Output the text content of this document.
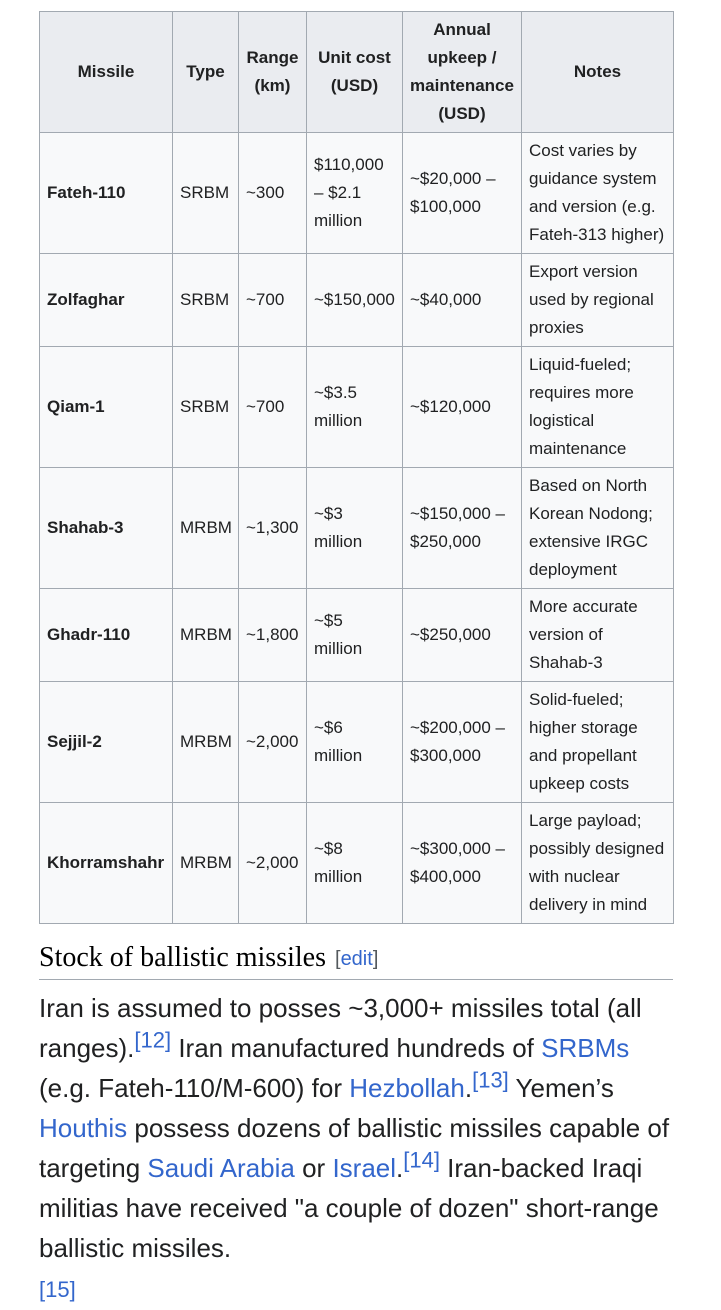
Missile	Type	Range (km)	Unit cost (USD)	Annual upkeep / maintenance (USD)	Notes
Fateh-110	SRBM	~300	$110,000 – $2.1 million	~$20,000 – $100,000	Cost varies by guidance system and version (e.g. Fateh-313 higher)
Zolfaghar	SRBM	~700	~$150,000	~$40,000	Export version used by regional proxies
Qiam-1	SRBM	~700	~$3.5 million	~$120,000	Liquid-fueled; requires more logistical maintenance
Shahab-3	MRBM	~1,300	~$3 million	~$150,000 – $250,000	Based on North Korean Nodong; extensive IRGC deployment
Ghadr-110	MRBM	~1,800	~$5 million	~$250,000	More accurate version of Shahab-3
Sejjil-2	MRBM	~2,000	~$6 million	~$200,000 – $300,000	Solid-fueled; higher storage and propellant upkeep costs
Khorramshahr	MRBM	~2,000	~$8 million	~$300,000 – $400,000	Large payload; possibly designed with nuclear delivery in mind
Stock of ballistic missiles [edit]

Iran is assumed to posses ~3,000+ missiles total (all ranges).[12] Iran manufactured hundreds of SRBMs (e.g. Fateh-110/M-600) for Hezbollah.[13] Yemen’s Houthis possess dozens of ballistic missiles capable of targeting Saudi Arabia or Israel.[14] Iran-backed Iraqi militias have received "a couple of dozen" short-range ballistic missiles.
[15]
